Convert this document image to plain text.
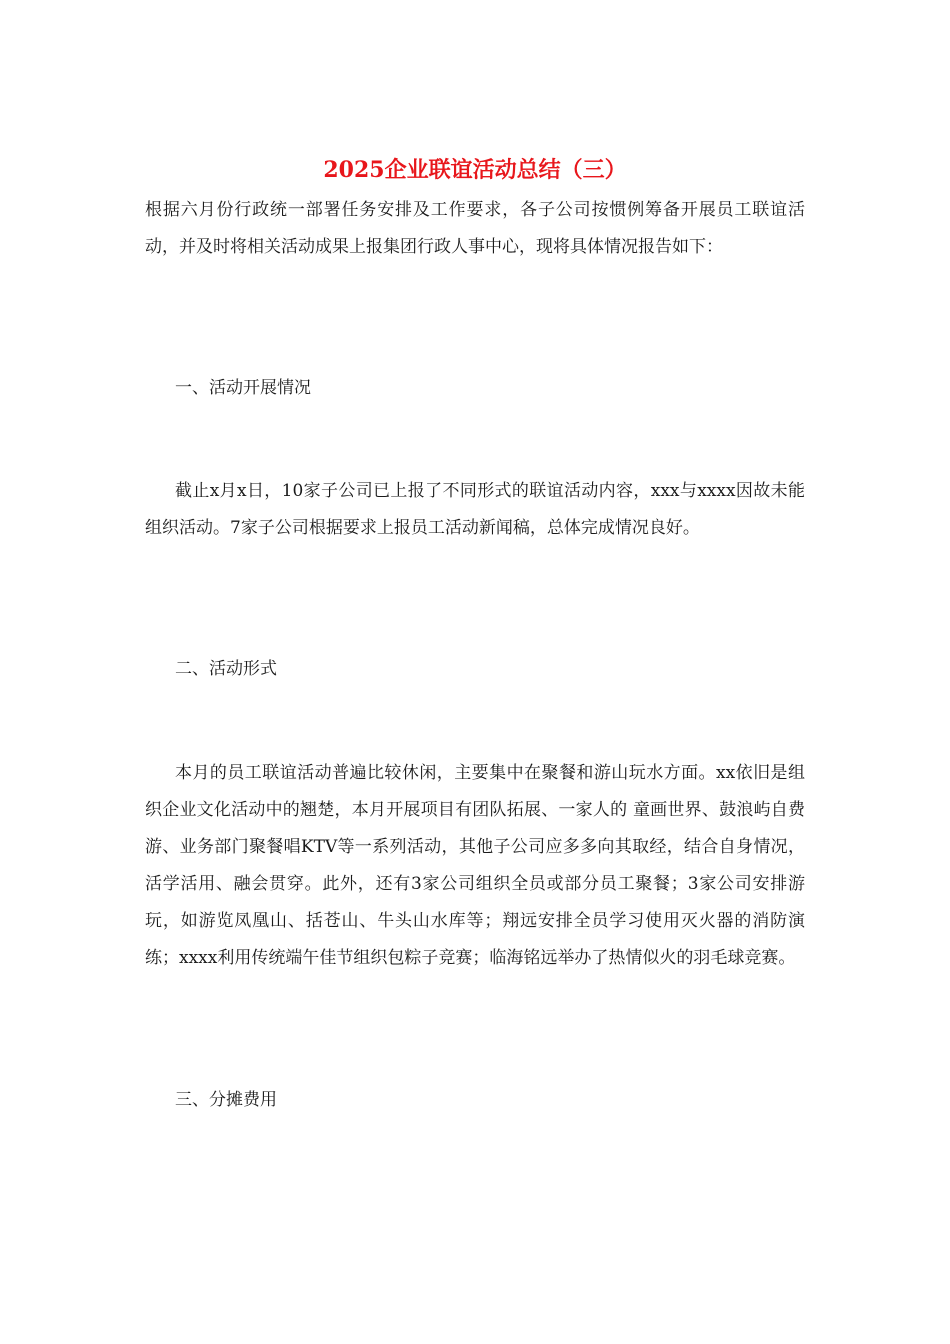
2025企业联谊活动总结（三）

根据六月份行政统一部署任务安排及工作要求，各子公司按惯例筹备开展员工联谊活动，并及时将相关活动成果上报集团行政人事中心，现将具体情况报告如下：

一、活动开展情况

截止x月x日，10家子公司已上报了不同形式的联谊活动内容，xxx与xxxx因故未能组织活动。7家子公司根据要求上报员工活动新闻稿，总体完成情况良好。

二、活动形式

本月的员工联谊活动普遍比较休闲，主要集中在聚餐和游山玩水方面。xx依旧是组织企业文化活动中的翘楚，本月开展项目有团队拓展、一家人的 童画世界、鼓浪屿自费游、业务部门聚餐唱KTV等一系列活动，其他子公司应多多向其取经，结合自身情况，活学活用、融会贯穿。此外，还有3家公司组织全员或部分员工聚餐；3家公司安排游玩，如游览凤凰山、括苍山、牛头山水库等；翔远安排全员学习使用灭火器的消防演练；xxxx利用传统端午佳节组织包粽子竞赛；临海铭远举办了热情似火的羽毛球竞赛。

三、分摊费用
